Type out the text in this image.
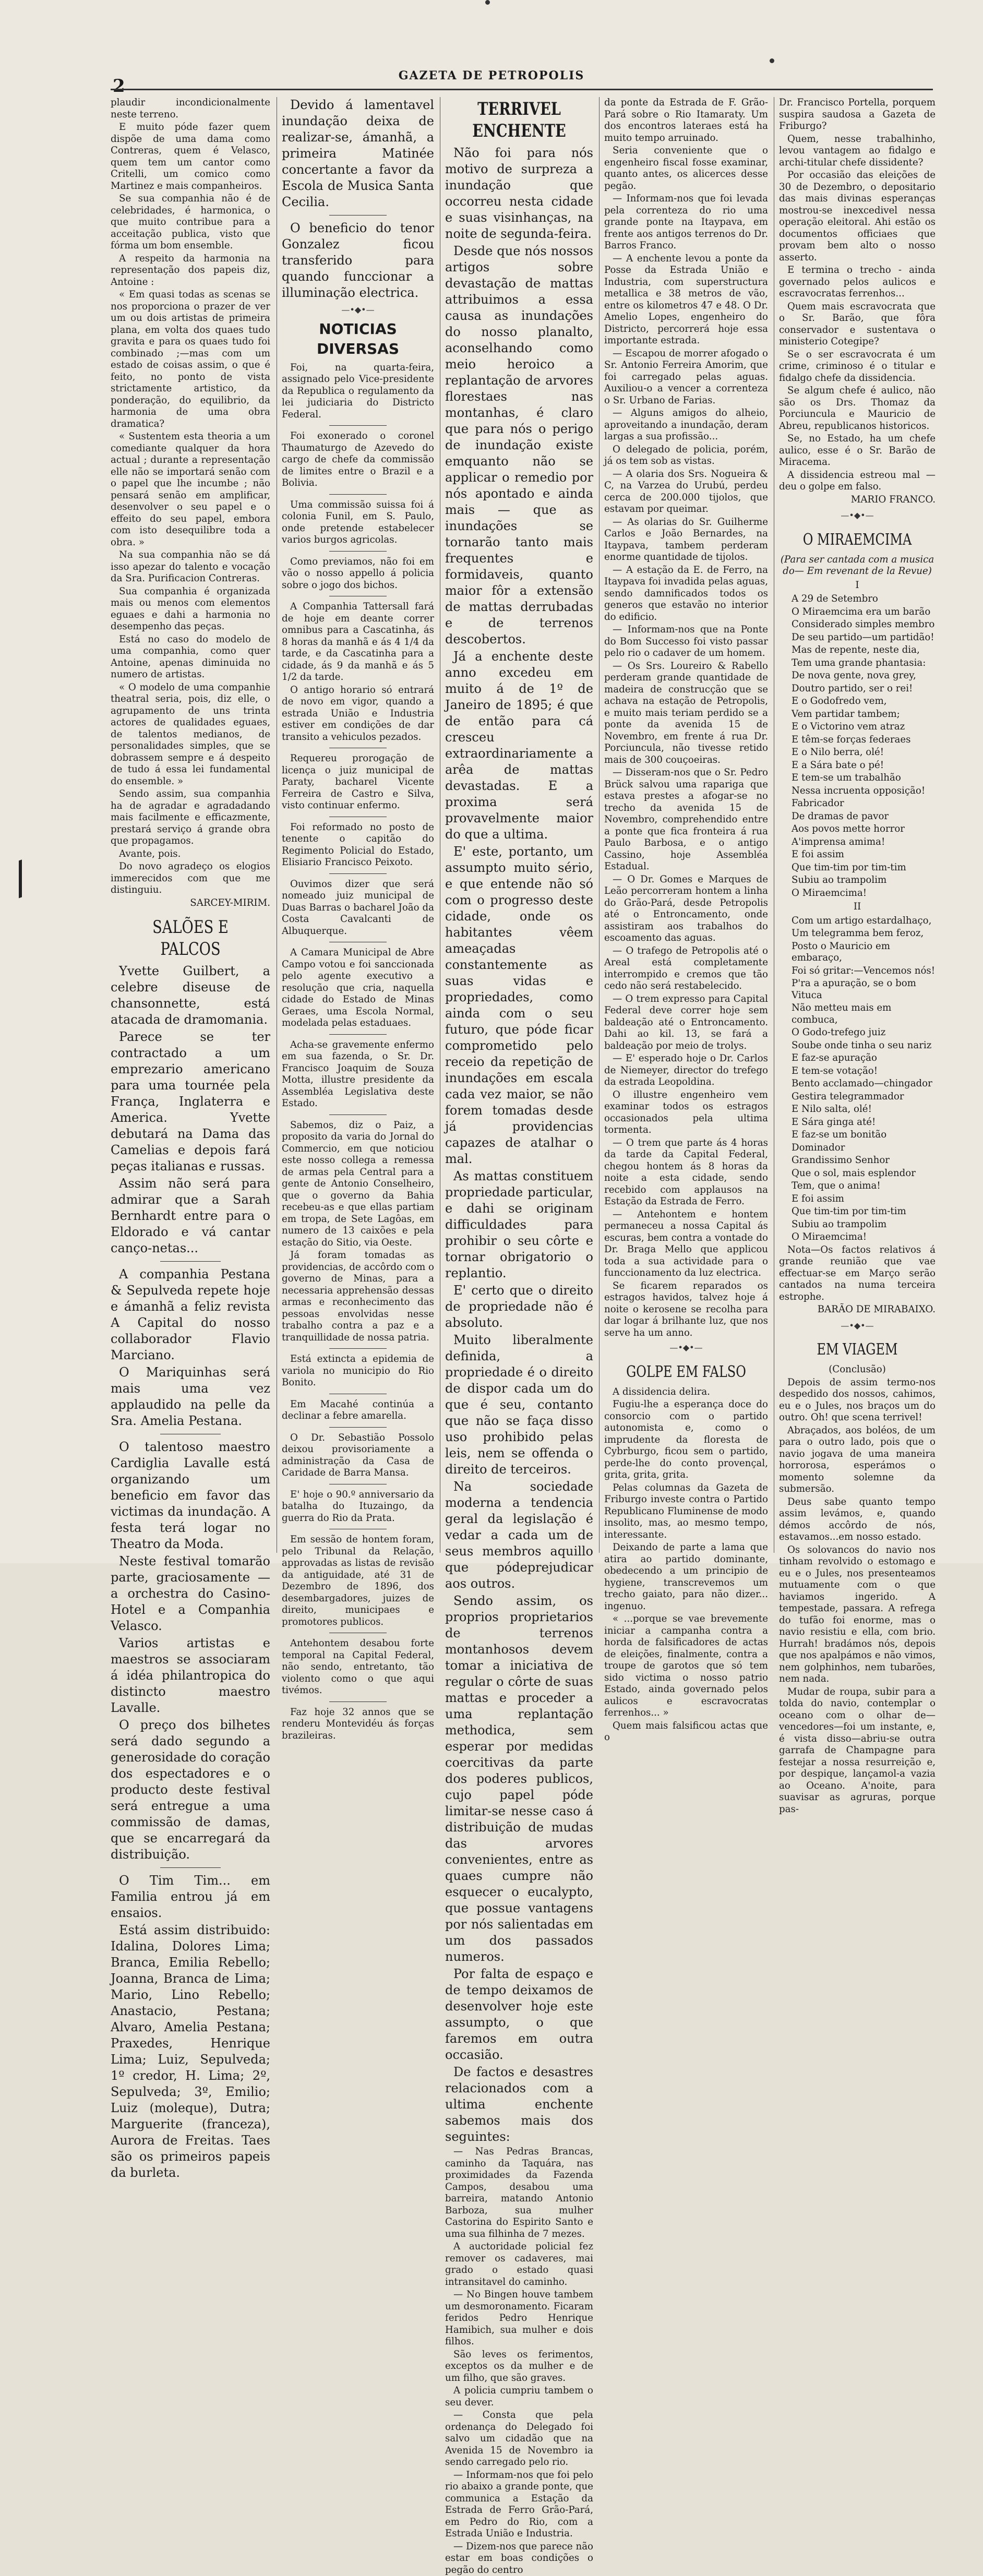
2	GAZETA DE PETROPOLIS

plaudir incondicionalmente neste terreno.

E muito póde fazer quem dispõe de uma dama como Contreras, quem é Velasco, quem tem um cantor como Critelli, um comico como Martinez e mais companheiros.

Se sua companhia não é de celebridades, é harmonica, o que muito contribue para a acceitação publica, visto que fórma um bom ensemble.

A respeito da harmonia na representação dos papeis diz, Antoine :

« Em quasi todas as scenas se nos proporciona o prazer de ver um ou dois artistas de primeira plana, em volta dos quaes tudo gravita e para os quaes tudo foi combinado ;—mas com um estado de coisas assim, o que é feito, no ponto de vista strictamente artistico, da ponderação, do equilibrio, da harmonia de uma obra dramatica?

« Sustentem esta theoria a um comediante qualquer da hora actual ; durante a representação elle não se importará senão com o papel que lhe incumbe ; não pensará senão em amplificar, desenvolver o seu papel e o effeito do seu papel, embora com isto desequilibre toda a obra. »

Na sua companhia não se dá isso apezar do talento e vocação da Sra. Purificacion Contreras.

Sua companhia é organizada mais ou menos com elementos eguaes e dahi a harmonia no desempenho das peças.

Está no caso do modelo de uma companhia, como quer Antoine, apenas diminuida no numero de artistas.

« O modelo de uma companhie theatral seria, pois, diz elle, o agrupamento de uns trinta actores de qualidades eguaes, de talentos medianos, de personalidades simples, que se dobrassem sempre e á despeito de tudo á essa lei fundamental do ensemble. »

Sendo assim, sua companhia ha de agradar e agradadando mais facilmente e efficazmente, prestará serviço á grande obra que propagamos.

Avante, pois.

Do novo agradeço os elogios immerecidos com que me distinguiu.

SARCEY-MIRIM.

SALÕES E PALCOS

Yvette Guilbert, a celebre diseuse de chansonnette, está atacada de dramomania.

Parece se ter contractado a um emprezario americano para uma tournée pela França, Inglaterra e America. Yvette debutará na Dama das Camelias e depois fará peças italianas e russas.

Assim não será para admirar que a Sarah Bernhardt entre para o Eldorado e vá cantar canço-netas...

A companhia Pestana & Sepulveda repete hoje e ámanhã a feliz revista A Capital do nosso collaborador Flavio Marciano.

O Mariquinhas será mais uma vez applaudido na pelle da Sra. Amelia Pestana.

O talentoso maestro Cardiglia Lavalle está organizando um beneficio em favor das victimas da inundação. A festa terá logar no Theatro da Moda.

Neste festival tomarão parte, graciosamente — a orchestra do Casino-Hotel e a Companhia Velasco.

Varios artistas e maestros se associaram á idéa philantropica do distincto maestro Lavalle.

O preço dos bilhetes será dado segundo a generosidade do coração dos espectadores e o producto deste festival será entregue a uma commissão de damas, que se encarregará da distribuição.

O Tim Tim... em Familia entrou já em ensaios.

Está assim distribuido: Idalina, Dolores Lima; Branca, Emilia Rebello; Joanna, Branca de Lima; Mario, Lino Rebello; Anastacio, Pestana; Alvaro, Amelia Pestana; Praxedes, Henrique Lima; Luiz, Sepulveda; 1º credor, H. Lima; 2º, Sepulveda; 3º, Emilio; Luiz (moleque), Dutra; Marguerite (franceza), Aurora de Freitas. Taes são os primeiros papeis da burleta.

Devido á lamentavel inundação deixa de realizar-se, ámanhã, a primeira Matinée concertante a favor da Escola de Musica Santa Cecilia.

O beneficio do tenor Gonzalez ficou transferido para quando funccionar a illuminação electrica.

—•◆•—
NOTICIAS DIVERSAS

Foi, na quarta-feira, assignado pelo Vice-presidente da Republica o regulamento da lei judiciaria do Districto Federal.

Foi exonerado o coronel Thaumaturgo de Azevedo do cargo de chefe da commissão de limites entre o Brazil e a Bolivia.

Uma commissão suissa foi á colonia Funil, em S. Paulo, onde pretende estabelecer varios burgos agricolas.

Como previamos, não foi em vão o nosso appello á policia sobre o jogo dos bichos.

A Companhia Tattersall fará de hoje em deante correr omnibus para a Cascatinha, ás 8 horas da manhã e ás 4 1/4 da tarde, e da Cascatinha para a cidade, ás 9 da manhã e ás 5 1/2 da tarde.

O antigo horario só entrará de novo em vigor, quando a estrada União e Industria estiver em condições de dar transito a vehiculos pezados.

Requereu prorogação de licença o juiz municipal de Paraty, bacharel Vicente Ferreira de Castro e Silva, visto continuar enfermo.

Foi reformado no posto de tenente o capitão do Regimento Policial do Estado, Elisiario Francisco Peixoto.

Ouvimos dizer que será nomeado juiz municipal de Duas Barras o bacharel João da Costa Cavalcanti de Albuquerque.

A Camara Municipal de Abre Campo votou e foi sanccionada pelo agente executivo a resolução que cria, naquella cidade do Estado de Minas Geraes, uma Escola Normal, modelada pelas estaduaes.

Acha-se gravemente enfermo em sua fazenda, o Sr. Dr. Francisco Joaquim de Souza Motta, illustre presidente da Assembléa Legislativa deste Estado.

Sabemos, diz o Paiz, a proposito da varia do Jornal do Commercio, em que noticiou este nosso collega a remessa de armas pela Central para a gente de Antonio Conselheiro, que o governo da Bahia recebeu-as e que ellas partiam em tropa, de Sete Lagôas, em numero de 13 caixões e pela estação do Sitio, via Oeste.

Já foram tomadas as providencias, de accôrdo com o governo de Minas, para a necessaria apprehensão dessas armas e reconhecimento das pessoas envolvidas nesse trabalho contra a paz e a tranquillidade de nossa patria.

Está extincta a epidemia de variola no municipio do Rio Bonito.

Em Macahé continúa a declinar a febre amarella.

O Dr. Sebastião Possolo deixou provisoriamente a administração da Casa de Caridade de Barra Mansa.

E' hoje o 90.º anniversario da batalha do Ituzaingo, da guerra do Rio da Prata.

Em sessão de hontem foram, pelo Tribunal da Relação, approvadas as listas de revisão da antiguidade, até 31 de Dezembro de 1896, dos desembargadores, juizes de direito, municipaes e promotores publicos.

Antehontem desabou forte temporal na Capital Federal, não sendo, entretanto, tão violento como o que aqui tivémos.

Faz hoje 32 annos que se renderu Montevidéu ás forças brazileiras.

TERRIVEL ENCHENTE

Não foi para nós motivo de surpreza a inundação que occorreu nesta cidade e suas visinhanças, na noite de segunda-feira.

Desde que nós nossos artigos sobre devastação de mattas attribuimos a essa causa as inundações do nosso planalto, aconselhando como meio heroico a replantação de arvores florestaes nas montanhas, é claro que para nós o perigo de inundação existe emquanto não se applicar o remedio por nós apontado e ainda mais — que as inundações se tornarão tanto mais frequentes e formidaveis, quanto maior fôr a extensão de mattas derrubadas e de terrenos descobertos.

Já a enchente deste anno excedeu em muito á de 1º de Janeiro de 1895; é que de então para cá cresceu extraordinariamente a arêa de mattas devastadas. E a proxima será provavelmente maior do que a ultima.

E' este, portanto, um assumpto muito sério, e que entende não só com o progresso deste cidade, onde os habitantes vêem ameaçadas constantemente as suas vidas e propriedades, como ainda com o seu futuro, que póde ficar comprometido pelo receio da repetição de inundações em escala cada vez maior, se não forem tomadas desde já providencias capazes de atalhar o mal.

As mattas constituem propriedade particular, e dahi se originam difficuldades para prohibir o seu côrte e tornar obrigatorio o replantio.

E' certo que o direito de propriedade não é absoluto.

Muito liberalmente definida, a propriedade é o direito de dispor cada um do que é seu, contanto que não se faça disso uso prohibido pelas leis, nem se offenda o direito de terceiros.

Na sociedade moderna a tendencia geral da legislação é vedar a cada um de seus membros aquillo que pódeprejudicar aos outros.

Sendo assim, os proprios proprietarios de terrenos montanhosos devem tomar a iniciativa de regular o côrte de suas mattas e proceder a uma replantação methodica, sem esperar por medidas coercitivas da parte dos poderes publicos, cujo papel póde limitar-se nesse caso á distribuição de mudas das arvores convenientes, entre as quaes cumpre não esquecer o eucalypto, que possue vantagens por nós salientadas em um dos passados numeros.

Por falta de espaço e de tempo deixamos de desenvolver hoje este assumpto, o que faremos em outra occasião.

De factos e desastres relacionados com a ultima enchente sabemos mais dos seguintes:

— Nas Pedras Brancas, caminho da Taquára, nas proximidades da Fazenda Campos, desabou uma barreira, matando Antonio Barboza, sua mulher Castorina do Espirito Santo e uma sua filhinha de 7 mezes.

A auctoridade policial fez remover os cadaveres, mai grado o estado quasi intransitavel do caminho.

— No Bingen houve tambem um desmoronamento. Ficaram feridos Pedro Henrique Hamibich, sua mulher e dois filhos.

São leves os ferimentos, exceptos os da mulher e de um filho, que são graves.

A policia cumpriu tambem o seu dever.

— Consta que pela ordenança do Delegado foi salvo um cidadão que na Avenida 15 de Novembro ia sendo carregado pelo rio.

— Informam-nos que foi pelo rio abaixo a grande ponte, que communica a Estação da Estrada de Ferro Grão-Pará, em Pedro do Rio, com a Estrada União e Industria.

— Dizem-nos que parece não estar em boas condições o pegão do centro

da ponte da Estrada de F. Grão-Pará sobre o Rio Itamaraty. Um dos encontros lateraes está ha muito tempo arruinado.

Seria conveniente que o engenheiro fiscal fosse examinar, quanto antes, os alicerces desse pegão.

— Informam-nos que foi levada pela correnteza do rio uma grande ponte na Itaypava, em frente aos antigos terrenos do Dr. Barros Franco.

— A enchente levou a ponte da Posse da Estrada União e Industria, com superstructura metallica e 38 metros de vão, entre os kilometros 47 e 48. O Dr. Amelio Lopes, engenheiro do Districto, percorrerá hoje essa importante estrada.

— Escapou de morrer afogado o Sr. Antonio Ferreira Amorim, que foi carregado pelas aguas. Auxiliou-o a vencer a correnteza o Sr. Urbano de Farias.

— Alguns amigos do alheio, aproveitando a inundação, deram largas a sua profissão...

O delegado de policia, porém, já os tem sob as vistas.

— A olaria dos Srs. Nogueira & C, na Varzea do Urubú, perdeu cerca de 200.000 tijolos, que estavam por queimar.

— As olarias do Sr. Guilherme Carlos e João Bernardes, na Itaypava, tambem perderam enorme quantidade de tijolos.

— A estação da E. de Ferro, na Itaypava foi invadida pelas aguas, sendo damnificados todos os generos que estavão no interior do edificio.

— Informam-nos que na Ponte do Bom Successo foi visto passar pelo rio o cadaver de um homem.

— Os Srs. Loureiro & Rabello perderam grande quantidade de madeira de construcção que se achava na estação de Petropolis, e muito mais teriam perdido se a ponte da avenida 15 de Novembro, em frente á rua Dr. Porciuncula, não tivesse retido mais de 300 couçoeiras.

— Disseram-nos que o Sr. Pedro Brück salvou uma rapariga que estava prestes a afogar-se no trecho da avenida 15 de Novembro, comprehendido entre a ponte que fica fronteira á rua Paulo Barbosa, e o antigo Cassino, hoje Assembléa Estadual.

— O Dr. Gomes e Marques de Leão percorreram hontem a linha do Grão-Pará, desde Petropolis até o Entroncamento, onde assistiram aos trabalhos do escoamento das aguas.

— O trafego de Petropolis até o Areal está completamente interrompido e cremos que tão cedo não será restabelecido.

— O trem expresso para Capital Federal deve correr hoje sem baldeação até o Entroncamento. Dahi ao kil. 13, se fará a baldeação por meio de trolys.

— E' esperado hoje o Dr. Carlos de Niemeyer, director do trefego da estrada Leopoldina.

O illustre engenheiro vem examinar todos os estragos occasionados pela ultima tormenta.

— O trem que parte ás 4 horas da tarde da Capital Federal, chegou hontem ás 8 horas da noite a esta cidade, sendo recebido com applausos na Estação da Estrada de Ferro.

— Antehontem e hontem permaneceu a nossa Capital ás escuras, bem contra a vontade do Dr. Braga Mello que applicou toda a sua actividade para o funccionamento da luz electrica.

Se ficarem reparados os estragos havidos, talvez hoje á noite o kerosene se recolha para dar logar á brilhante luz, que nos serve ha um anno.

—•◆•—
GOLPE EM FALSO

A dissidencia delira.

Fugiu-lhe a esperança doce do consorcio com o partido autonomista e, como o imprudente da floresta de Cybrburgo, ficou sem o partido, perde-lhe do conto provençal, grita, grita, grita.

Pelas columnas da Gazeta de Friburgo investe contra o Partido Republicano Fluminense de modo insolito, mas, ao mesmo tempo, interessante.

Deixando de parte a lama que atira ao partido dominante, obedecendo a um principio de hygiene, transcrevemos um trecho gaiato, para não dizer... ingenuo.

« ...porque se vae brevemente iniciar a campanha contra a horda de falsificadores de actas de eleições, finalmente, contra a troupe de garotos que só tem sido victima o nosso patrio Estado, ainda governado pelos aulicos e escravocratas ferrenhos... »

Quem mais falsificou actas que o

Dr. Francisco Portella, porquem suspira saudosa a Gazeta de Friburgo?

Quem, nesse trabalhinho, levou vantagem ao fidalgo e archi-titular chefe dissidente?

Por occasião das eleições de 30 de Dezembro, o depositario das mais divinas esperanças mostrou-se inexcedivel nessa operação eleitoral. Ahi estão os documentos officiaes que provam bem alto o nosso asserto.

E termina o trecho - ainda governado pelos aulicos e escravocratas ferrenhos...

Quem mais escravocrata que o Sr. Barão, que fôra conservador e sustentava o ministerio Cotegipe?

Se o ser escravocrata é um crime, criminoso é o titular e fidalgo chefe da dissidencia.

Se algum chefe é aulico, não são os Drs. Thomaz da Porciuncula e Mauricio de Abreu, republicanos historicos.

Se, no Estado, ha um chefe aulico, esse é o Sr. Barão de Miracema.

A dissidencia estreou mal — deu o golpe em falso.

MARIO FRANCO.

—•◆•—
O MIRAEMCIMA

(Para ser cantada com a musica do— Em revenant de la Revue)

I

A 29 de Setembro

O Miraemcima era um barão

Considerado simples membro

De seu partido—um partidão!

Mas de repente, neste dia,

Tem uma grande phantasia:

De nova gente, nova grey,

Doutro partido, ser o rei!

E o Godofredo vem,

Vem partidar tambem;

E o Victorino vem atraz

E têm-se forças federaes

E o Nilo berra, olé!

E a Sára bate o pé!

E tem-se um trabalhão

Nessa incruenta opposição!

Fabricador

De dramas de pavor

Aos povos mette horror

A'imprensa amima!

E foi assim

Que tim-tim por tim-tim

Subiu ao trampolim

O Miraemcima!

II

Com um artigo estardalhaço,

Um telegramma bem feroz,

Posto o Mauricio em embaraço,

Foi só gritar:—Vencemos nós!

P'ra a apuração, se o bom Vituca

Não metteu mais em combuca,

O Godo-trefego juiz

Soube onde tinha o seu nariz

E faz-se apuração

E tem-se votação!

Bento acclamado—chingador

Gestira telegrammador

E Nilo salta, olé!

E Sára ginga até!

E faz-se um bonitão

Dominador

Grandissimo Senhor

Que o sol, mais esplendor

Tem, que o anima!

E foi assim

Que tim-tim por tim-tim

Subiu ao trampolim

O Miraemcima!

Nota—Os factos relativos á grande reunião que vae effectuar-se em Março serão cantados na numa terceira estrophe.

BARÃO DE MIRABAIXO.

—•◆•—
EM VIAGEM

(Conclusão)

Depois de assim termo-nos despedido dos nossos, cahimos, eu e o Jules, nos braços um do outro. Oh! que scena terrivel!

Abraçados, aos boléos, de um para o outro lado, pois que o navio jogava de uma maneira horrorosa, esperámos o momento solemne da submersão.

Deus sabe quanto tempo assim levámos, e, quando démos accôrdo de nós, estavamos...em nosso estado.

Os solovancos do navio nos tinham revolvido o estomago e eu e o Jules, nos presenteamos mutuamente com o que haviamos ingerido. A tempestade, passara. A refrega do tufão foi enorme, mas o navio resistiu e ella, com brio. Hurrah! bradámos nós, depois que nos apalpámos e não vimos, nem golphinhos, nem tubarões, nem nada.

Mudar de roupa, subir para a tolda do navio, contemplar o oceano com o olhar de—vencedores—foi um instante, e, é vista disso—abriu-se outra garrafa de Champagne para festejar a nossa resurreição e, por despique, lançamol-a vazia ao Oceano. A'noite, para suavisar as agruras, porque pas-
